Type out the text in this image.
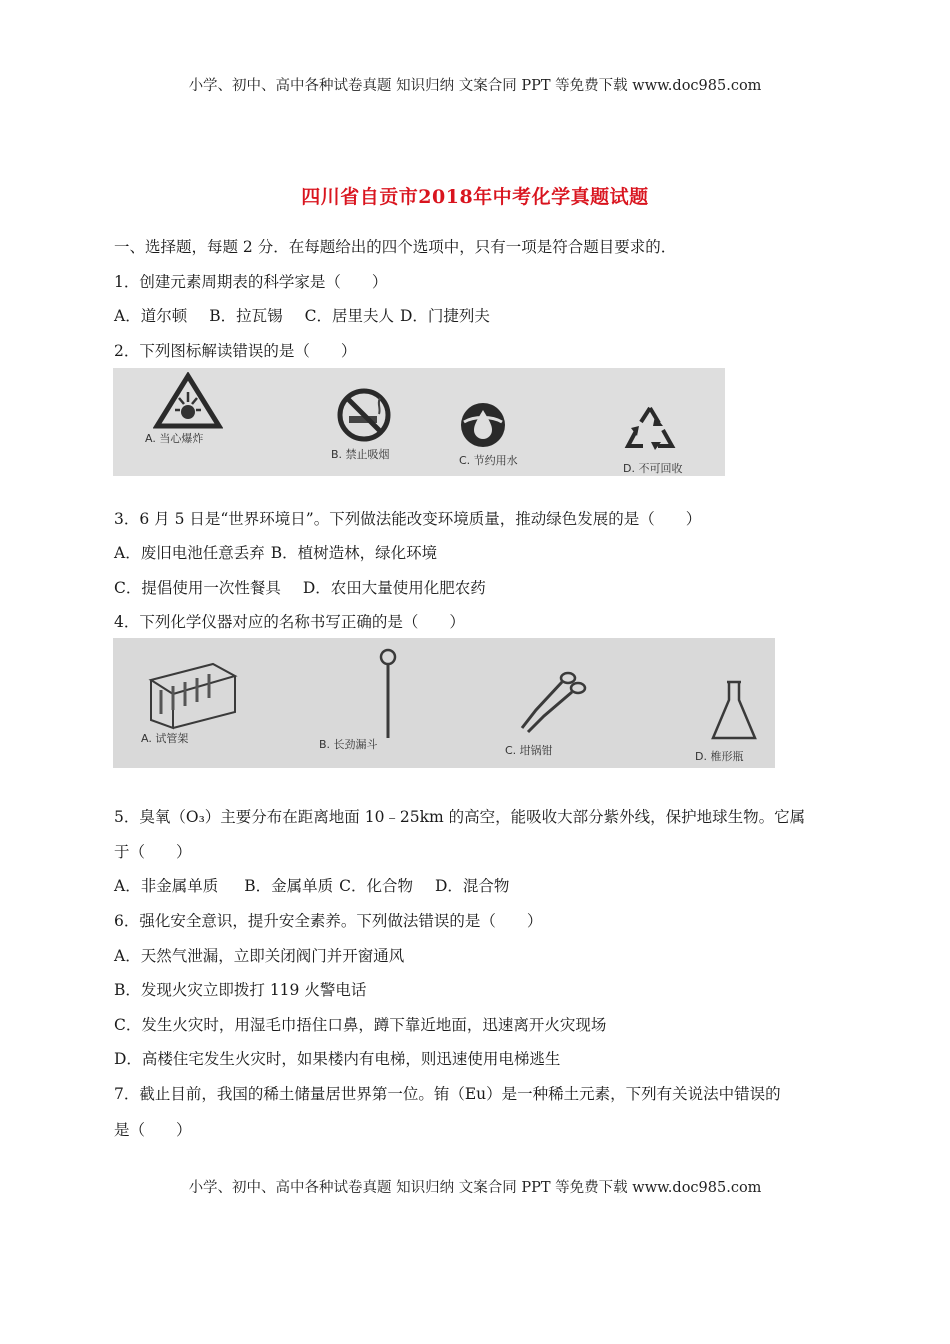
小学、初中、高中各种试卷真题 知识归纳 文案合同 PPT 等免费下载 www.doc985.com
四川省自贡市2018年中考化学真题试题
一、选择题，每题 2 分．在每题给出的四个选项中，只有一项是符合题目要求的．
1．创建元素周期表的科学家是（　　）
A．道尔顿 B．拉瓦锡 C．居里夫人 D．门捷列夫
2．下列图标解读错误的是（　　）
A. 当心爆炸
B. 禁止吸烟	C. 节约用水
D. 不可回收
3．6 月 5 日是“世界环境日”。下列做法能改变环境质量，推动绿色发展的是（　　）
A．废旧电池任意丢弃 B．植树造林，绿化环境
C．提倡使用一次性餐具 D．农田大量使用化肥农药
4．下列化学仪器对应的名称书写正确的是（　　）
A. 试管架	B. 长劲漏斗	C. 坩锅钳	D. 椎形瓶
5．臭氧（O₃）主要分布在距离地面 10﹣25km 的高空，能吸收大部分紫外线，保护地球生物。它属
于（　　）
A．非金属单质 B．金属单质 C．化合物 D．混合物
6．强化安全意识，提升安全素养。下列做法错误的是（　　）
A．天然气泄漏，立即关闭阀门并开窗通风
B．发现火灾立即拨打 119 火警电话
C．发生火灾时，用湿毛巾捂住口鼻，蹲下靠近地面，迅速离开火灾现场
D．高楼住宅发生火灾时，如果楼内有电梯，则迅速使用电梯逃生
7．截止目前，我国的稀土储量居世界第一位。铕（Eu）是一种稀土元素，下列有关说法中错误的
是（　　）
小学、初中、高中各种试卷真题 知识归纳 文案合同 PPT 等免费下载 www.doc985.com
